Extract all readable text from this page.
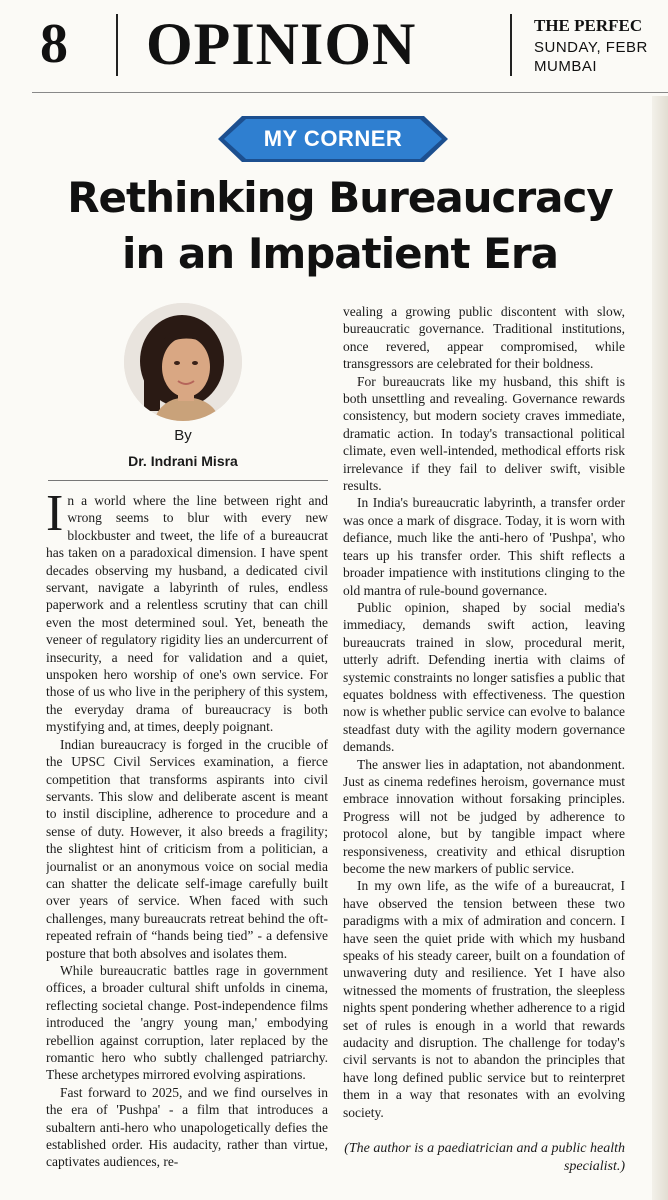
8 OPINION	THE PERFEC
SUNDAY, FEBR
MUMBAI
MY CORNER
Rethinking Bureaucracy
in an Impatient Era
By
Dr. Indrani Misra

In a world where the line between right and wrong seems to blur with every new blockbuster and tweet, the life of a bureaucrat has taken on a paradoxical dimension. I have spent decades observing my husband, a dedicated civil servant, navigate a labyrinth of rules, endless paperwork and a relentless scrutiny that can chill even the most determined soul. Yet, beneath the veneer of regulatory rigidity lies an undercurrent of insecurity, a need for validation and a quiet, unspoken hero worship of one's own service. For those of us who live in the periphery of this system, the everyday drama of bureaucracy is both mystifying and, at times, deeply poignant.

Indian bureaucracy is forged in the crucible of the UPSC Civil Services examination, a fierce competition that transforms aspirants into civil servants. This slow and deliberate ascent is meant to instil discipline, adherence to procedure and a sense of duty. However, it also breeds a fragility; the slightest hint of criticism from a politician, a journalist or an anonymous voice on social media can shatter the delicate self-image carefully built over years of service. When faced with such challenges, many bureaucrats retreat behind the oft-repeated refrain of “hands being tied” - a defensive posture that both absolves and isolates them.

While bureaucratic battles rage in government offices, a broader cultural shift unfolds in cinema, reflecting societal change. Post-independence films introduced the 'angry young man,' embodying rebellion against corruption, later replaced by the romantic hero who subtly challenged patriarchy. These archetypes mirrored evolving aspirations.

Fast forward to 2025, and we find ourselves in the era of 'Pushpa' - a film that introduces a subaltern anti-hero who unapologetically defies the established order. His audacity, rather than virtue, captivates audiences, re-

vealing a growing public discontent with slow, bureaucratic governance. Traditional institutions, once revered, appear compromised, while transgressors are celebrated for their boldness.

For bureaucrats like my husband, this shift is both unsettling and revealing. Governance rewards consistency, but modern society craves immediate, dramatic action. In today's transactional political climate, even well-intended, methodical efforts risk irrelevance if they fail to deliver swift, visible results.

In India's bureaucratic labyrinth, a transfer order was once a mark of disgrace. Today, it is worn with defiance, much like the anti-hero of 'Pushpa', who tears up his transfer order. This shift reflects a broader impatience with institutions clinging to the old mantra of rule-bound governance.

Public opinion, shaped by social media's immediacy, demands swift action, leaving bureaucrats trained in slow, procedural merit, utterly adrift. Defending inertia with claims of systemic constraints no longer satisfies a public that equates boldness with effectiveness. The question now is whether public service can evolve to balance steadfast duty with the agility modern governance demands.

The answer lies in adaptation, not abandonment. Just as cinema redefines heroism, governance must embrace innovation without forsaking principles. Progress will not be judged by adherence to protocol alone, but by tangible impact where responsiveness, creativity and ethical disruption become the new markers of public service.

In my own life, as the wife of a bureaucrat, I have observed the tension between these two paradigms with a mix of admiration and concern. I have seen the quiet pride with which my husband speaks of his steady career, built on a foundation of unwavering duty and resilience. Yet I have also witnessed the moments of frustration, the sleepless nights spent pondering whether adherence to a rigid set of rules is enough in a world that rewards audacity and disruption. The challenge for today's civil servants is not to abandon the principles that have long defined public service but to reinterpret them in a way that resonates with an evolving society.

(The author is a paediatrician and a public health specialist.)
